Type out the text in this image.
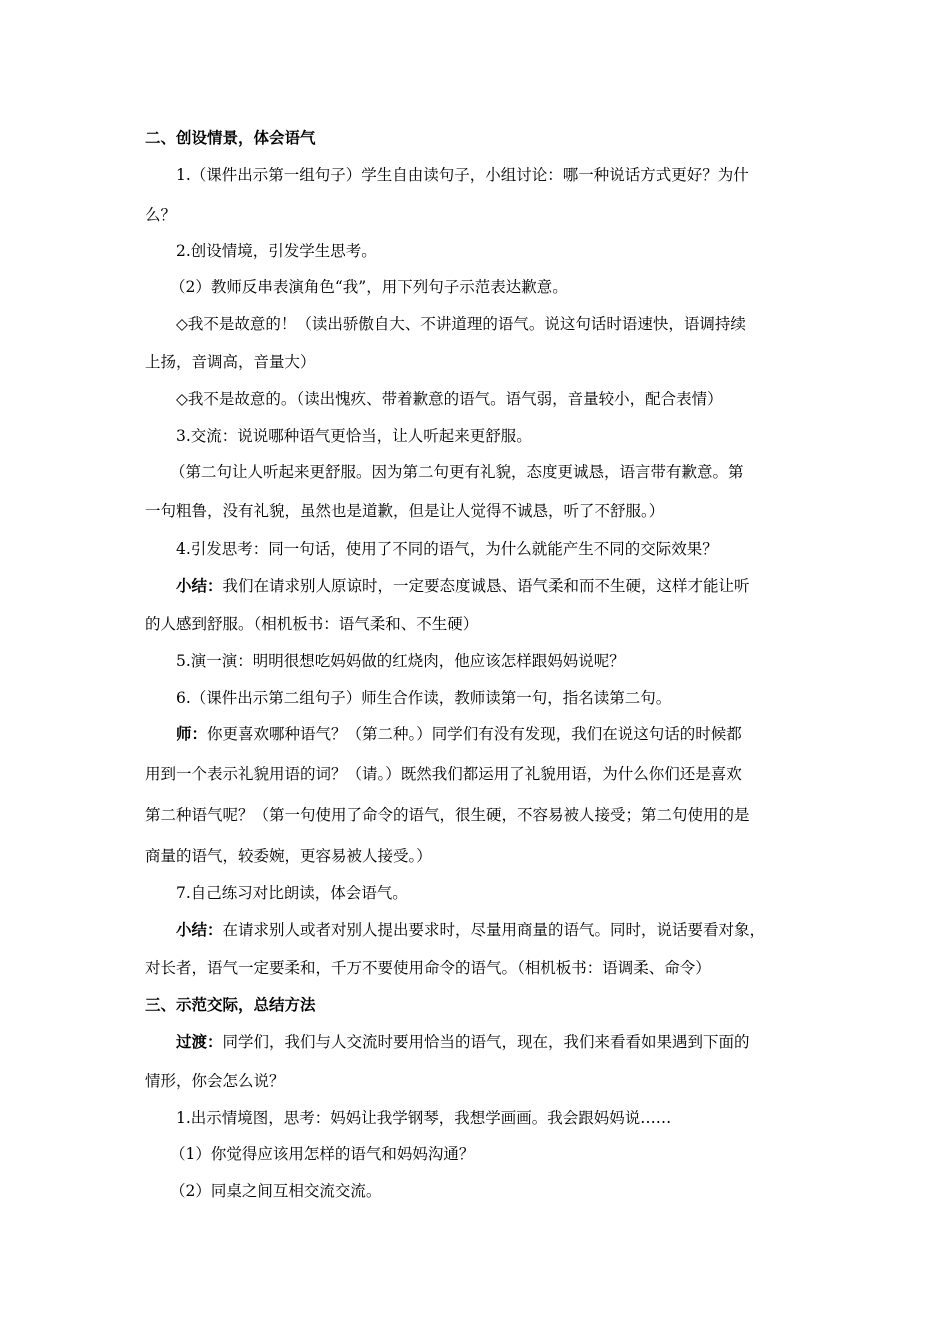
二、创设情景，体会语气
1.（课件出示第一组句子）学生自由读句子，小组讨论：哪一种说话方式更好？为什
么？
2.创设情境，引发学生思考。
（2）教师反串表演角色“我”，用下列句子示范表达歉意。
◇我不是故意的！（读出骄傲自大、不讲道理的语气。说这句话时语速快，语调持续
上扬，音调高，音量大）
◇我不是故意的。（读出愧疚、带着歉意的语气。语气弱，音量较小，配合表情）
3.交流：说说哪种语气更恰当，让人听起来更舒服。
（第二句让人听起来更舒服。因为第二句更有礼貌，态度更诚恳，语言带有歉意。第
一句粗鲁，没有礼貌，虽然也是道歉，但是让人觉得不诚恳，听了不舒服。）
4.引发思考：同一句话，使用了不同的语气，为什么就能产生不同的交际效果？
小结：我们在请求别人原谅时，一定要态度诚恳、语气柔和而不生硬，这样才能让听
的人感到舒服。（相机板书：语气柔和、不生硬）
5.演一演：明明很想吃妈妈做的红烧肉，他应该怎样跟妈妈说呢？
6.（课件出示第二组句子）师生合作读，教师读第一句，指名读第二句。
师：你更喜欢哪种语气？（第二种。）同学们有没有发现，我们在说这句话的时候都
用到一个表示礼貌用语的词？（请。）既然我们都运用了礼貌用语，为什么你们还是喜欢
第二种语气呢？（第一句使用了命令的语气，很生硬，不容易被人接受；第二句使用的是
商量的语气，较委婉，更容易被人接受。）
7.自己练习对比朗读，体会语气。
小结：在请求别人或者对别人提出要求时，尽量用商量的语气。同时，说话要看对象，
对长者，语气一定要柔和，千万不要使用命令的语气。（相机板书：语调柔、命令）
三、示范交际，总结方法
过渡：同学们，我们与人交流时要用恰当的语气，现在，我们来看看如果遇到下面的
情形，你会怎么说？
1.出示情境图，思考：妈妈让我学钢琴，我想学画画。我会跟妈妈说……
（1）你觉得应该用怎样的语气和妈妈沟通？
（2）同桌之间互相交流交流。
